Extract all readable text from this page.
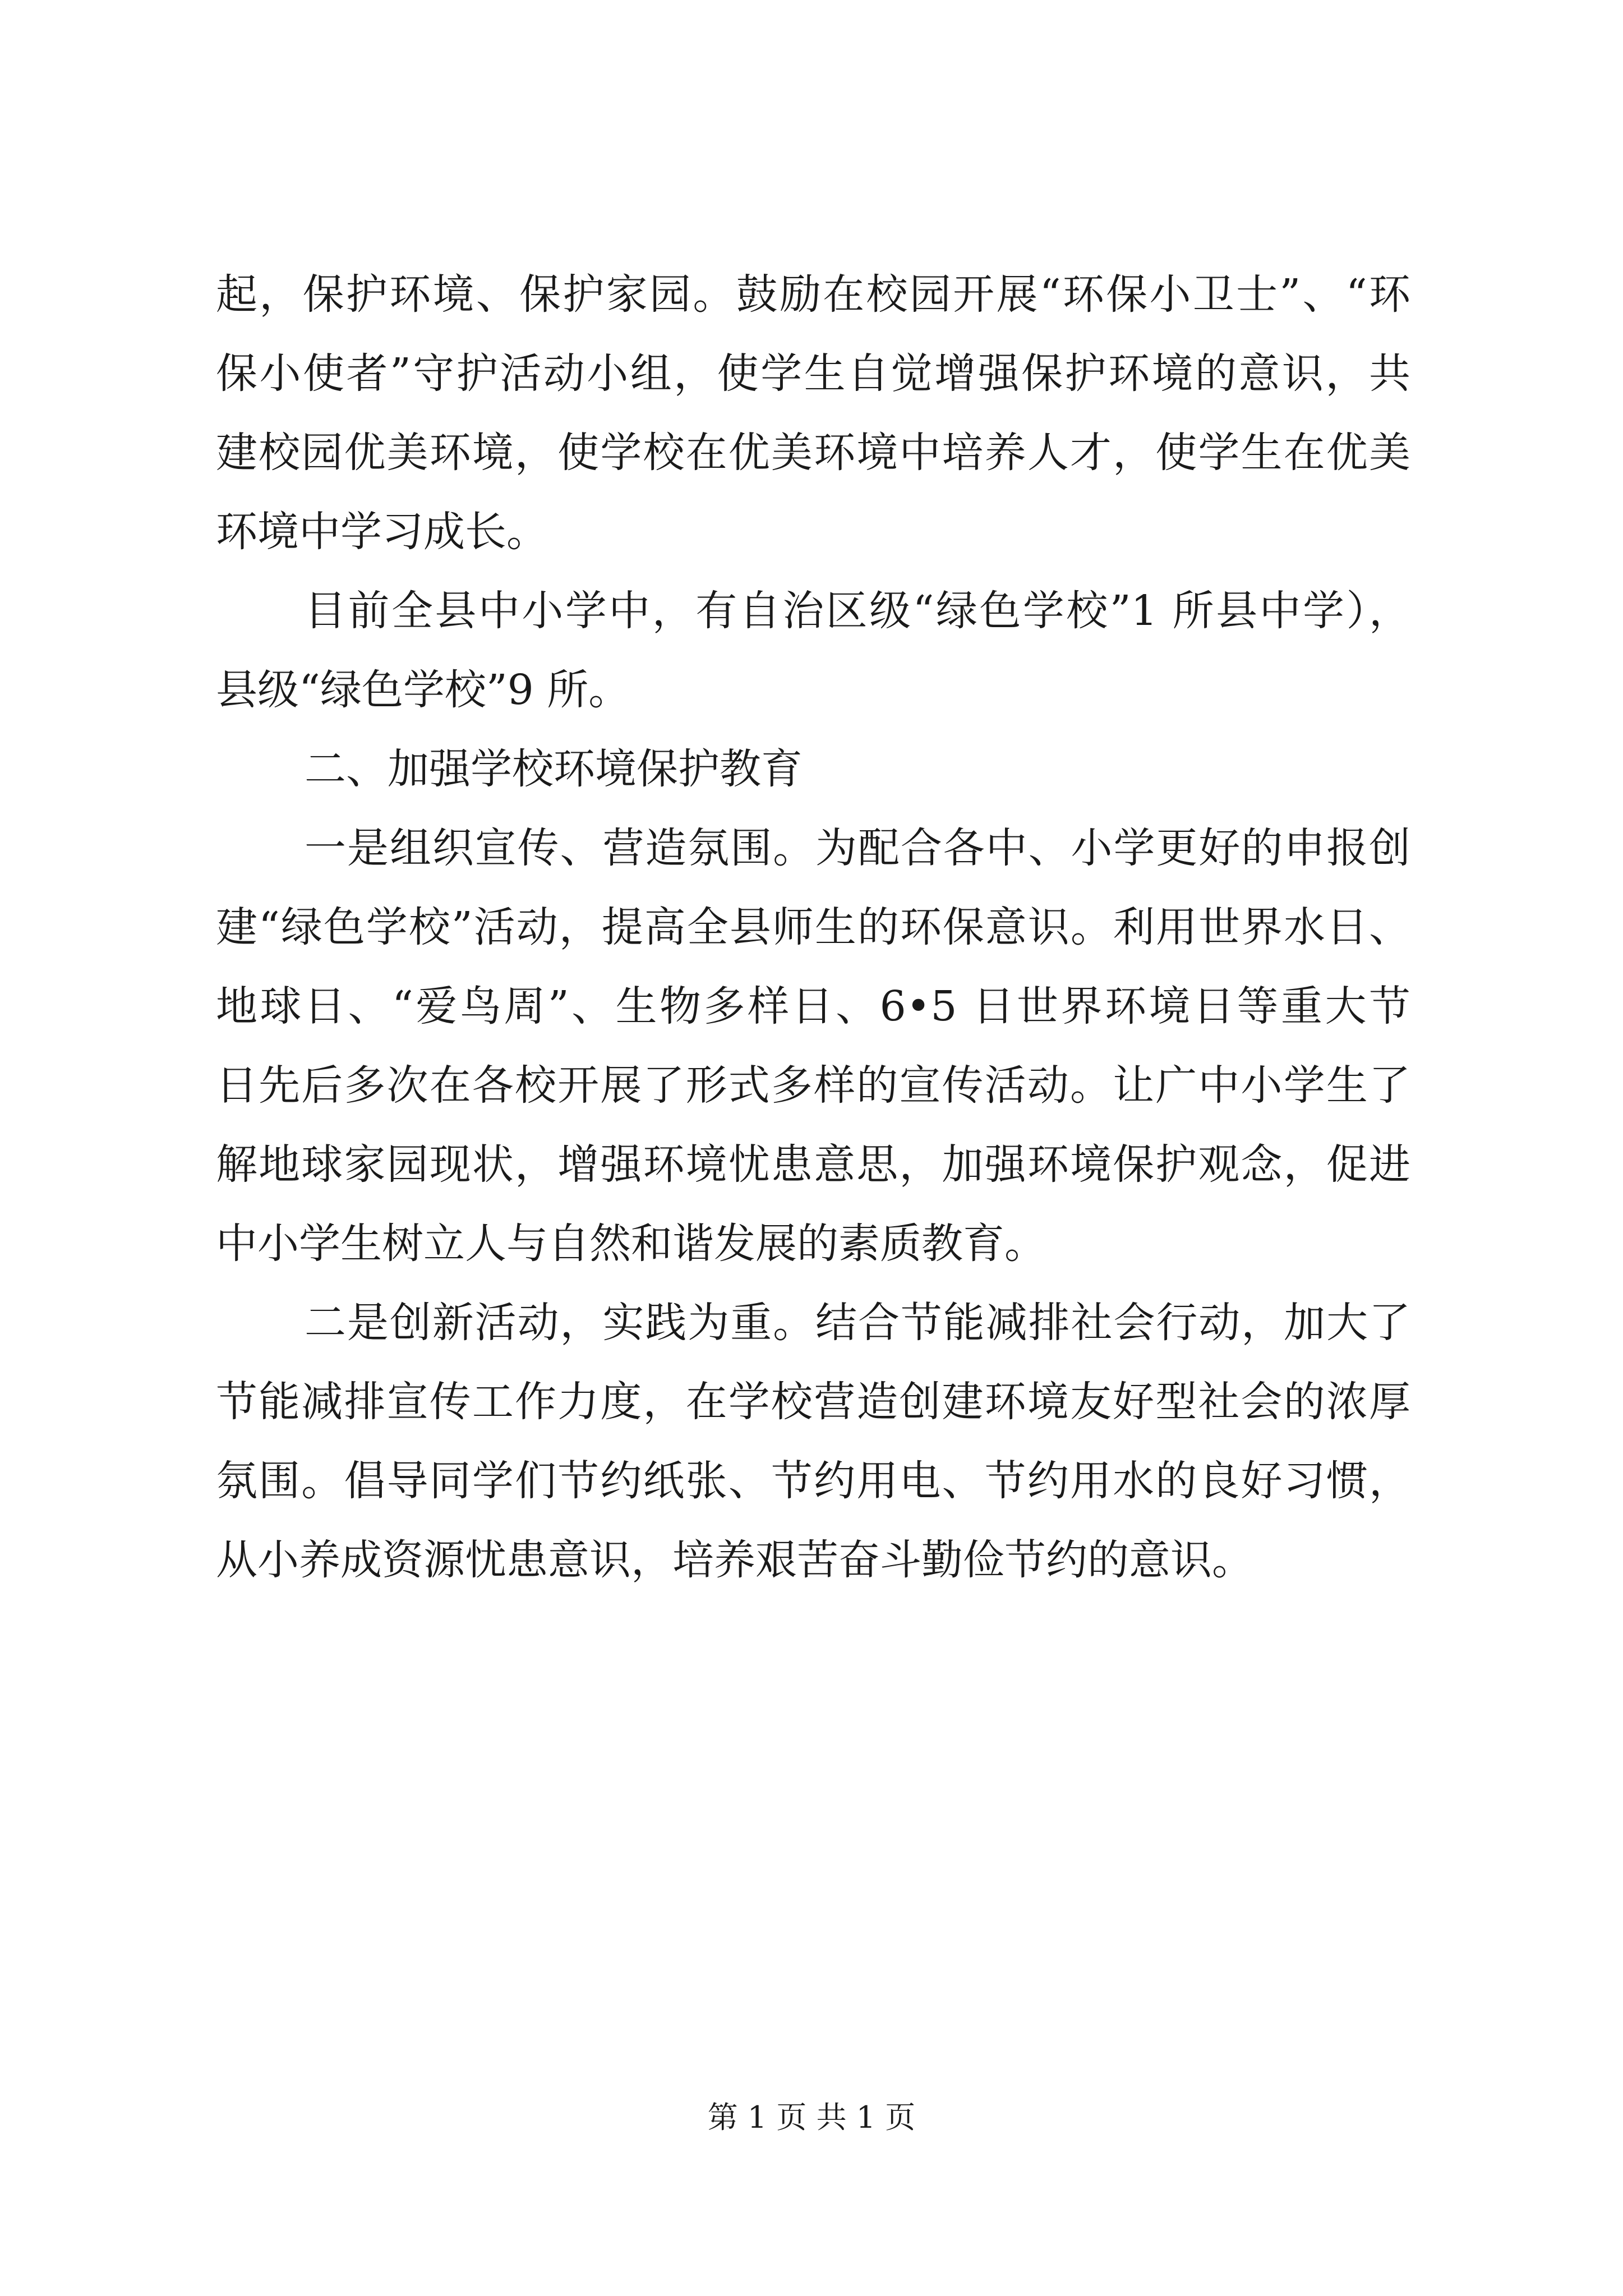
起，保护环境、保护家园。鼓励在校园开展“环保小卫士”、“环
保小使者”守护活动小组，使学生自觉增强保护环境的意识，共
建校园优美环境，使学校在优美环境中培养人才，使学生在优美
环境中学习成长。
目前全县中小学中，有自治区级“绿色学校”1 所县中学），
县级“绿色学校”9 所。
二、加强学校环境保护教育
一是组织宣传、营造氛围。为配合各中、小学更好的申报创
建“绿色学校”活动，提高全县师生的环保意识。利用世界水日、
地球日、“爱鸟周”、生物多样日、6•5 日世界环境日等重大节
日先后多次在各校开展了形式多样的宣传活动。让广中小学生了
解地球家园现状，增强环境忧患意思，加强环境保护观念，促进
中小学生树立人与自然和谐发展的素质教育。
二是创新活动，实践为重。结合节能减排社会行动，加大了
节能减排宣传工作力度，在学校营造创建环境友好型社会的浓厚
氛围。倡导同学们节约纸张、节约用电、节约用水的良好习惯，
从小养成资源忧患意识，培养艰苦奋斗勤俭节约的意识。
第 1 页 共 1 页
